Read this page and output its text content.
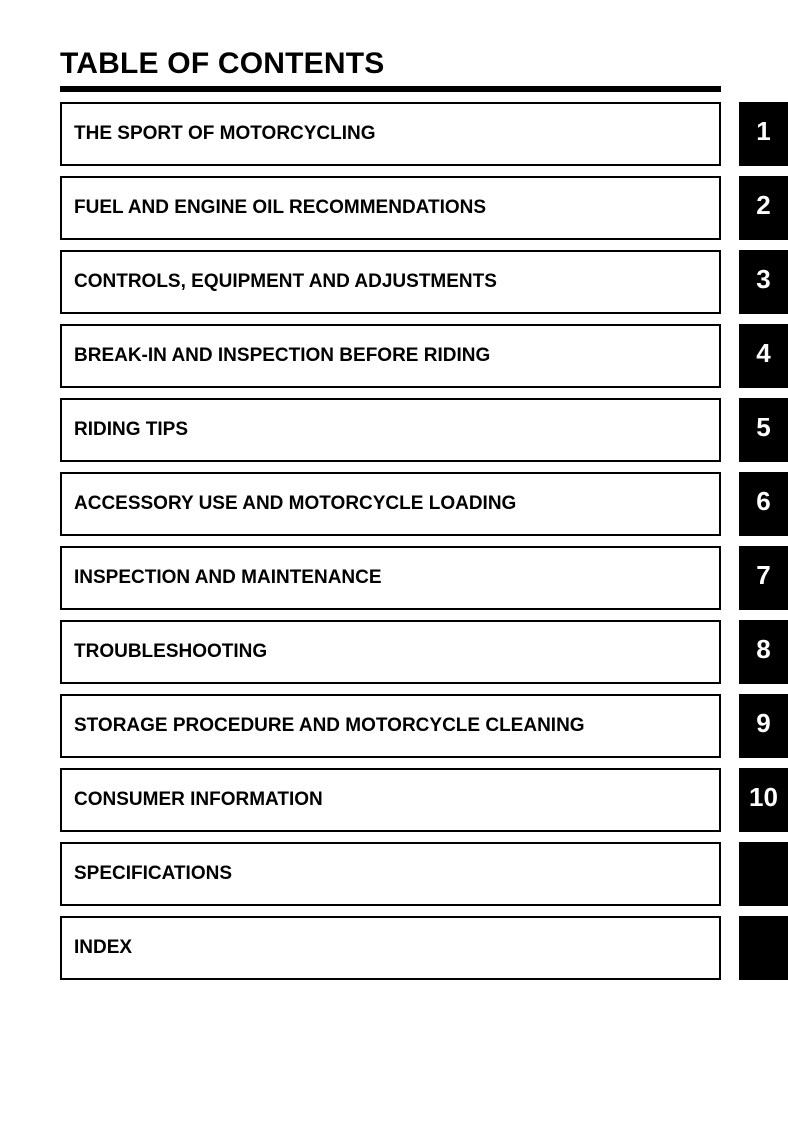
TABLE OF CONTENTS
THE SPORT OF MOTORCYCLING	1
FUEL AND ENGINE OIL RECOMMENDATIONS	2
CONTROLS, EQUIPMENT AND ADJUSTMENTS	3
BREAK-IN AND INSPECTION BEFORE RIDING	4
RIDING TIPS	5
ACCESSORY USE AND MOTORCYCLE LOADING	6
INSPECTION AND MAINTENANCE	7
TROUBLESHOOTING	8
STORAGE PROCEDURE AND MOTORCYCLE CLEANING	9
CONSUMER INFORMATION	10
SPECIFICATIONS
INDEX
